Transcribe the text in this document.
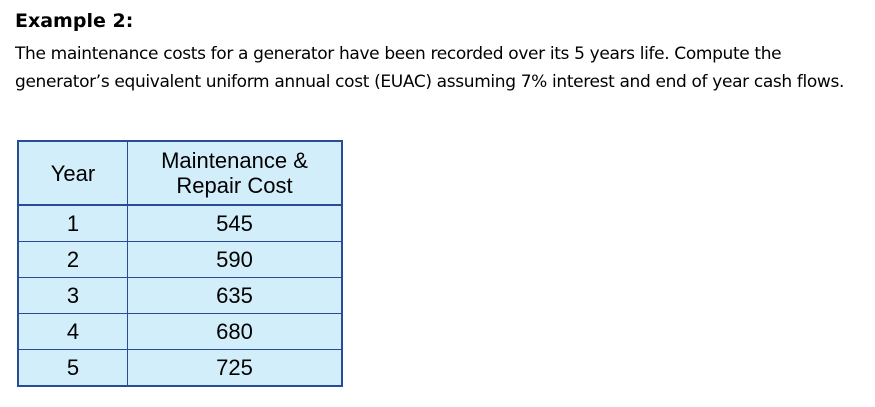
Example 2:

The maintenance costs for a generator have been recorded over its 5 years life. Compute the generator’s equivalent uniform annual cost (EUAC) assuming 7% interest and end of year cash flows.

Year	Maintenance &
Repair Cost
1	545
2	590
3	635
4	680
5	725
